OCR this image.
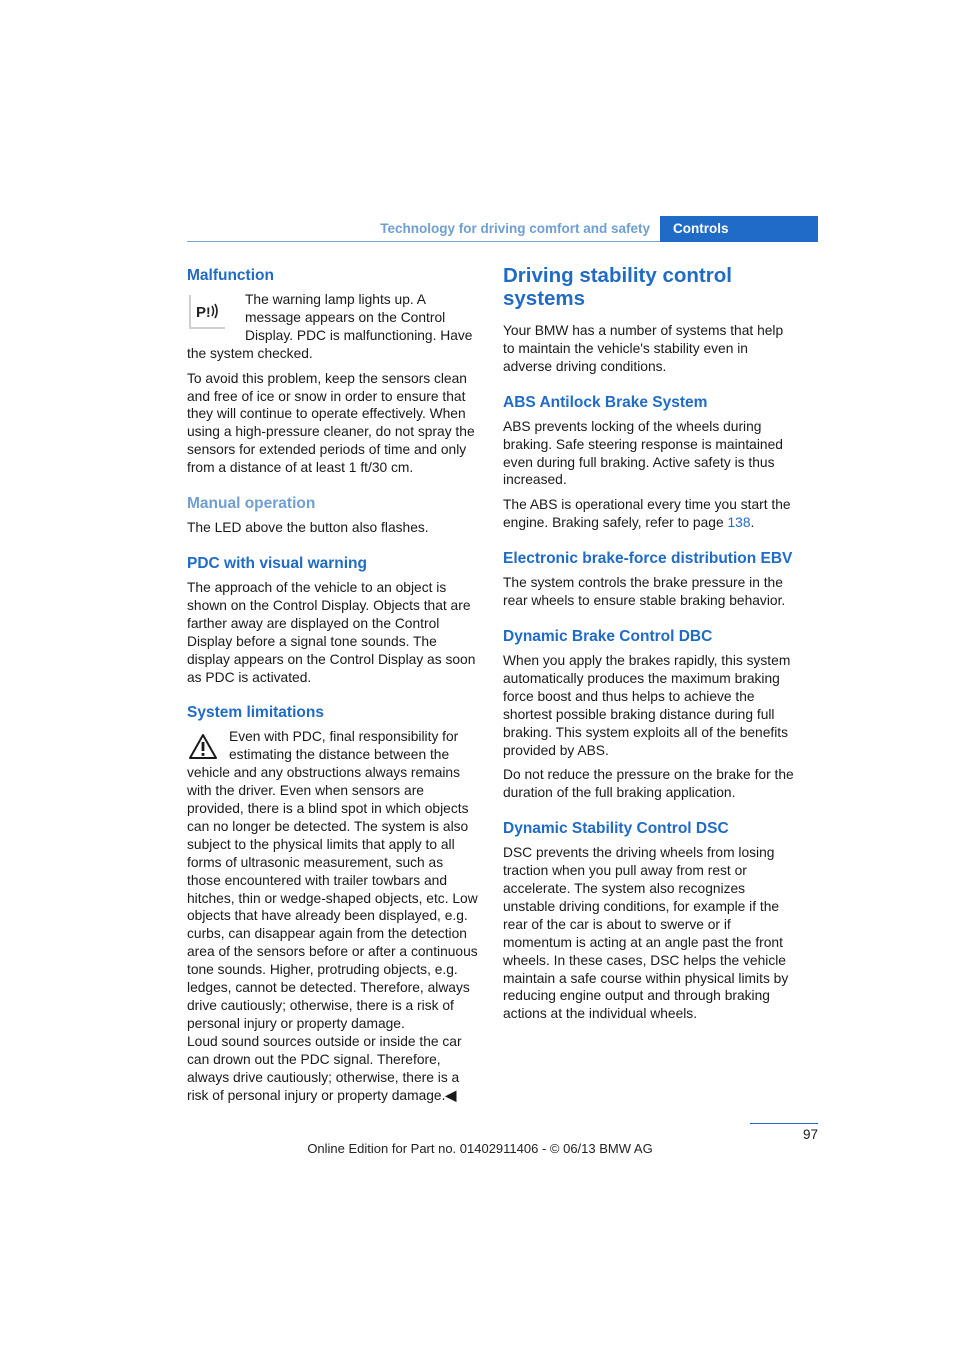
Technology for driving comfort and safety	Controls
Malfunction

P !
The warning lamp lights up. A message appears on the Control Display. PDC is malfunctioning. Have the system checked.

To avoid this problem, keep the sensors clean and free of ice or snow in order to ensure that they will continue to operate effectively. When using a high-pressure cleaner, do not spray the sensors for extended periods of time and only from a distance of at least 1 ft/30 cm.

Manual operation

The LED above the button also flashes.

PDC with visual warning

The approach of the vehicle to an object is shown on the Control Display. Objects that are farther away are displayed on the Control Display before a signal tone sounds. The display appears on the Control Display as soon as PDC is activated.

System limitations

Even with PDC, final responsibility for estimating the distance between the vehicle and any obstructions always remains with the driver. Even when sensors are provided, there is a blind spot in which objects can no longer be detected. The system is also subject to the physical limits that apply to all forms of ultrasonic measurement, such as those encountered with trailer towbars and hitches, thin or wedge-shaped objects, etc. Low objects that have already been displayed, e.g. curbs, can disappear again from the detection area of the sensors before or after a continuous tone sounds. Higher, protruding objects, e.g. ledges, cannot be detected. Therefore, always drive cautiously; otherwise, there is a risk of personal injury or property damage.

Loud sound sources outside or inside the car can drown out the PDC signal. Therefore, always drive cautiously; otherwise, there is a risk of personal injury or property damage.◀

Driving stability control systems

Your BMW has a number of systems that help to maintain the vehicle's stability even in adverse driving conditions.

ABS Antilock Brake System

ABS prevents locking of the wheels during braking. Safe steering response is maintained even during full braking. Active safety is thus increased.

The ABS is operational every time you start the engine. Braking safely, refer to page 138.

Electronic brake-force distribution EBV

The system controls the brake pressure in the rear wheels to ensure stable braking behavior.

Dynamic Brake Control DBC

When you apply the brakes rapidly, this system automatically produces the maximum braking force boost and thus helps to achieve the shortest possible braking distance during full braking. This system exploits all of the benefits provided by ABS.

Do not reduce the pressure on the brake for the duration of the full braking application.

Dynamic Stability Control DSC

DSC prevents the driving wheels from losing traction when you pull away from rest or accelerate. The system also recognizes unstable driving conditions, for example if the rear of the car is about to swerve or if momentum is acting at an angle past the front wheels. In these cases, DSC helps the vehicle maintain a safe course within physical limits by reducing engine output and through braking actions at the individual wheels.

97
Online Edition for Part no. 01402911406 - © 06/13 BMW AG
